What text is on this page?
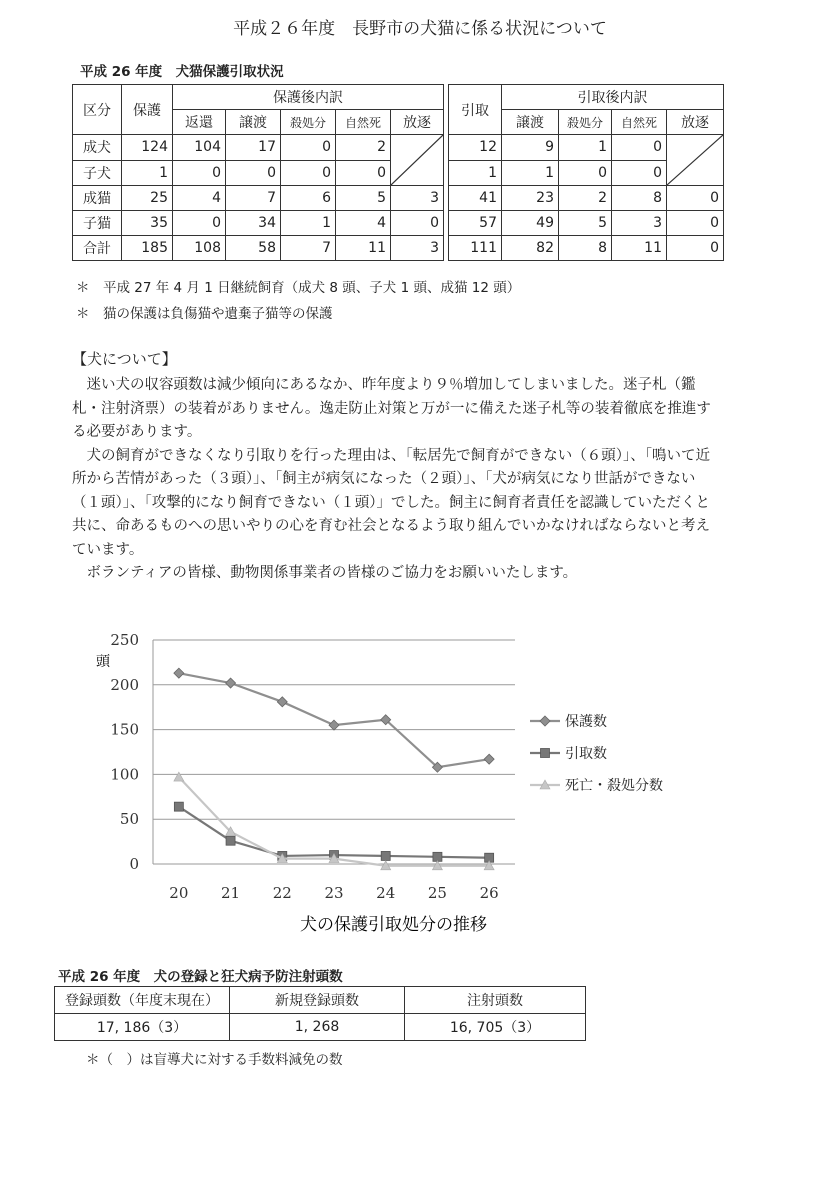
平成２６年度　長野市の犬猫に係る状況について
平成 26 年度　犬猫保護引取状況
区分	保護	保護後内訳						引取	引取後内訳			
		返還	譲渡	殺処分	自然死	放逐			譲渡	殺処分	自然死	放逐
成犬	124	104	17	0	2			12	9	1	0	

子犬	1	0	0	0	0			1	1	0	0	
成猫	25	4	7	6	5	3		41	23	2	8	0
子猫	35	0	34	1	4	0		57	49	5	3	0
合計	185	108	58	7	11	3		111	82	8	11	0
＊　平成 27 年 4 月 1 日継続飼育（成犬 8 頭、子犬 1 頭、成猫 12 頭）
＊　猫の保護は負傷猫や遺棄子猫等の保護
【犬について】

迷い犬の収容頭数は減少傾向にあるなか、昨年度より９％増加してしまいました。迷子札（鑑札・注射済票）の装着がありません。逸走防止対策と万が一に備えた迷子札等の装着徹底を推進する必要があります。

犬の飼育ができなくなり引取りを行った理由は、「転居先で飼育ができない（６頭）」、「鳴いて近所から苦情があった（３頭）」、「飼主が病気になった（２頭）」、「犬が病気になり世話ができない（１頭）」、「攻撃的になり飼育できない（１頭）」でした。飼主に飼育者責任を認識していただくと共に、命あるものへの思いやりの心を育む社会となるよう取り組んでいかなければならないと考えています。

ボランティアの皆様、動物関係事業者の皆様のご協力をお願いいたします。

250
200
150
100
50
0
20 21 22 23 24 25 26
保護数
引取数
死亡・殺処分数
頭
犬の保護引取処分の推移
平成 26 年度　犬の登録と狂犬病予防注射頭数
登録頭数（年度末現在）	新規登録頭数	注射頭数
17, 186（3）	1, 268	16, 705（3）
＊（　）は盲導犬に対する手数料減免の数
